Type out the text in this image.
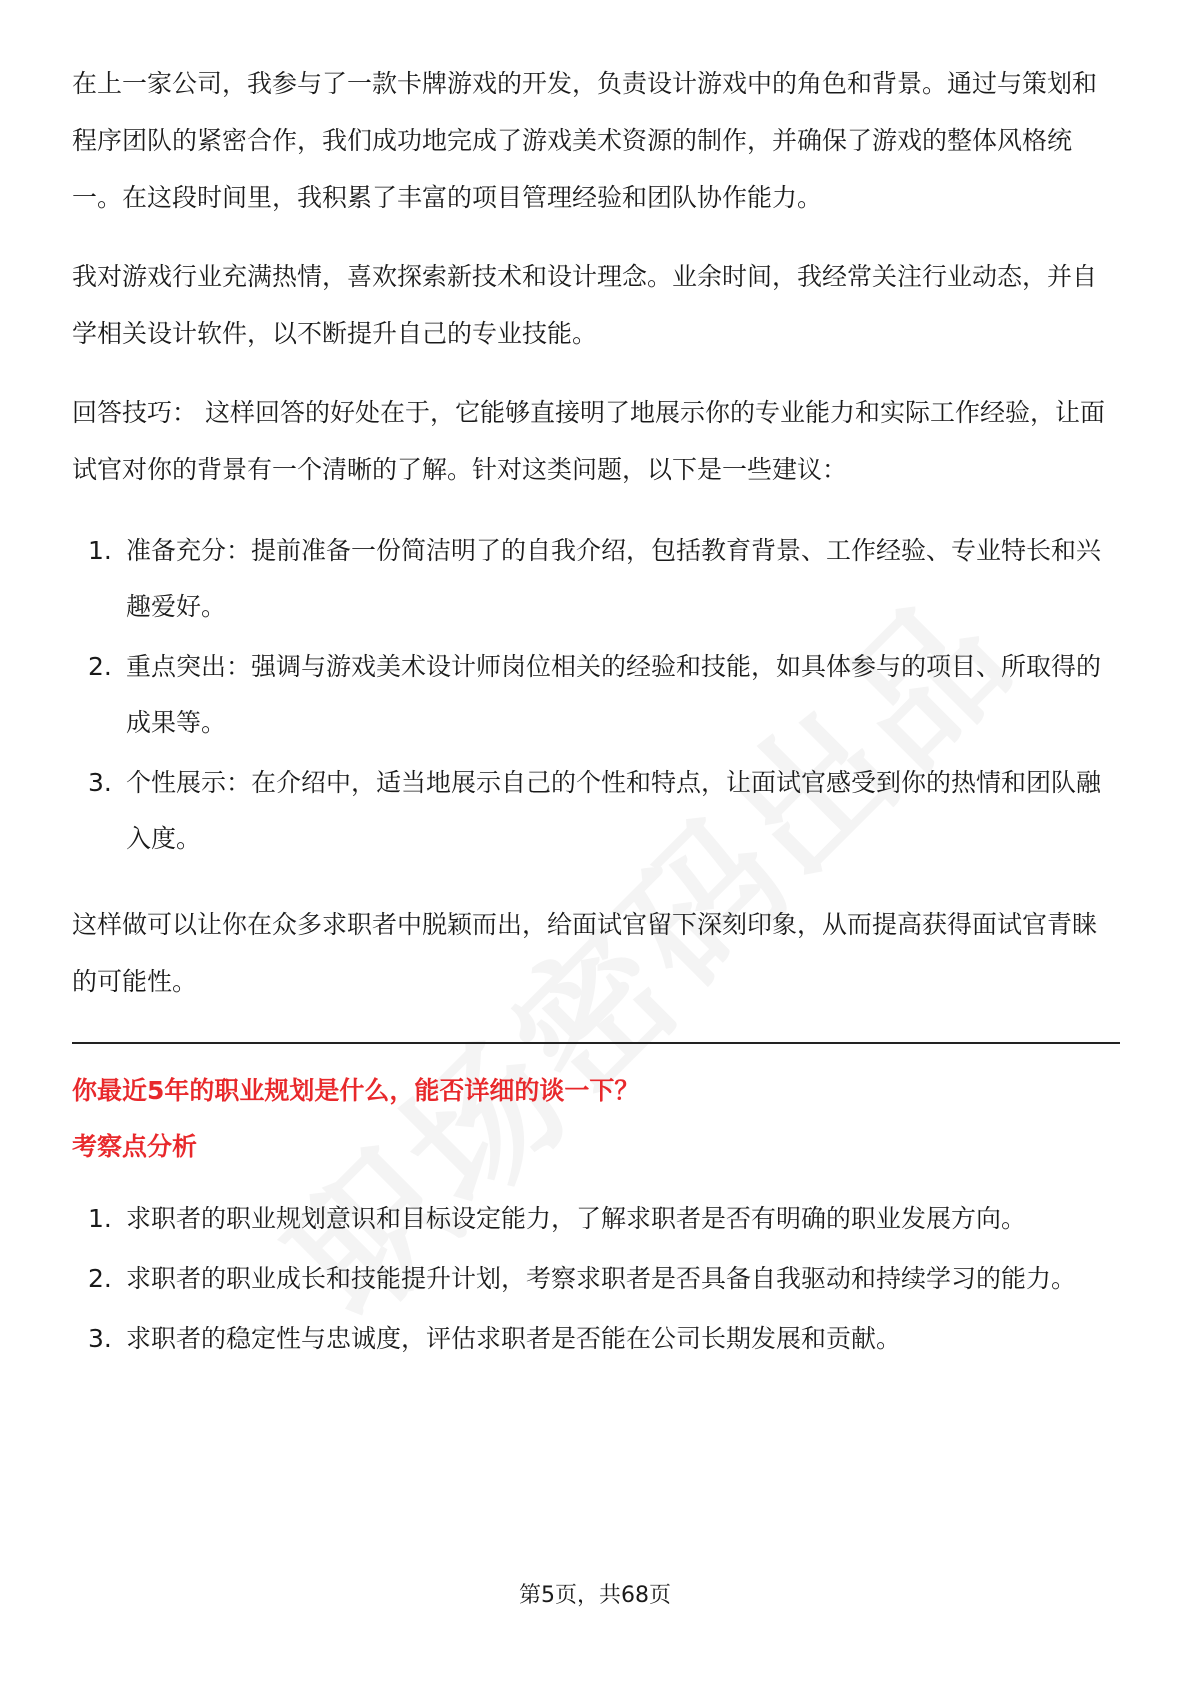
在上一家公司，我参与了一款卡牌游戏的开发，负责设计游戏中的角色和背景。通过与策划和程序团队的紧密合作，我们成功地完成了游戏美术资源的制作，并确保了游戏的整体风格统一。在这段时间里，我积累了丰富的项目管理经验和团队协作能力。

我对游戏行业充满热情，喜欢探索新技术和设计理念。业余时间，我经常关注行业动态，并自学相关设计软件，以不断提升自己的专业技能。

回答技巧： 这样回答的好处在于，它能够直接明了地展示你的专业能力和实际工作经验，让面试官对你的背景有一个清晰的了解。针对这类问题，以下是一些建议：

1. 准备充分：提前准备一份简洁明了的自我介绍，包括教育背景、工作经验、专业特长和兴趣爱好。
2. 重点突出：强调与游戏美术设计师岗位相关的经验和技能，如具体参与的项目、所取得的成果等。
3. 个性展示：在介绍中，适当地展示自己的个性和特点，让面试官感受到你的热情和团队融入度。

这样做可以让你在众多求职者中脱颖而出，给面试官留下深刻印象，从而提高获得面试官青睐的可能性。

你最近5年的职业规划是什么，能否详细的谈一下？
考察点分析
1. 求职者的职业规划意识和目标设定能力，了解求职者是否有明确的职业发展方向。
2. 求职者的职业成长和技能提升计划，考察求职者是否具备自我驱动和持续学习的能力。
3. 求职者的稳定性与忠诚度，评估求职者是否能在公司长期发展和贡献。
第5页，共68页
